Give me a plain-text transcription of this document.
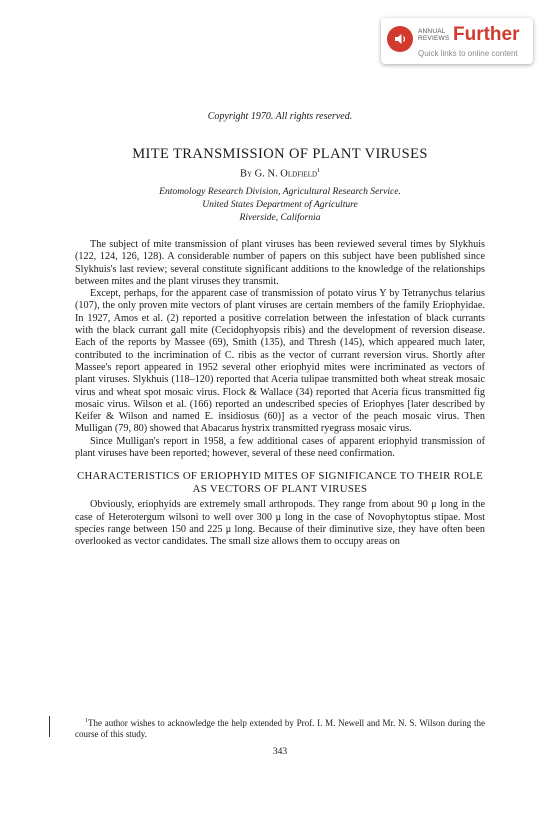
ANNUAL
REVIEWS Further
Quick links to online content
Copyright 1970. All rights reserved.
MITE TRANSMISSION OF PLANT VIRUSES
By G. N. Oldfield$^1$
Entomology Research Division, Agricultural Research Service.
United States Department of Agriculture
Riverside, California

The subject of mite transmission of plant viruses has been reviewed several times by Slykhuis (122, 124, 126, 128). A considerable number of papers on this subject have been published since Slykhuis's last review; several constitute significant additions to the knowledge of the relationships between mites and the plant viruses they transmit.

Except, perhaps, for the apparent case of transmission of potato virus Y by Tetranychus telarius (107), the only proven mite vectors of plant viruses are certain members of the family Eriophyidae. In 1927, Amos et al. (2) reported a positive correlation between the infestation of black currants with the black currant gall mite (Cecidophyopsis ribis) and the development of reversion disease. Each of the reports by Massee (69), Smith (135), and Thresh (145), which appeared much later, contributed to the incrimination of C. ribis as the vector of currant reversion virus. Shortly after Massee's report appeared in 1952 several other eriophyid mites were incriminated as vectors of plant viruses. Slykhuis (118–120) reported that Aceria tulipae transmitted both wheat streak mosaic virus and wheat spot mosaic virus. Flock & Wallace (34) reported that Aceria ficus transmitted fig mosaic virus. Wilson et al. (166) reported an undescribed species of Eriophyes [later described by Keifer & Wilson and named E. insidiosus (60)] as a vector of the peach mosaic virus. Then Mulligan (79, 80) showed that Abacarus hystrix transmitted ryegrass mosaic virus.

Since Mulligan's report in 1958, a few additional cases of apparent eriophyid transmission of plant viruses have been reported; however, several of these need confirmation.

CHARACTERISTICS OF ERIOPHYID MITES OF SIGNIFICANCE TO THEIR ROLE AS VECTORS OF PLANT VIRUSES

Obviously, eriophyids are extremely small arthropods. They range from about 90 μ long in the case of Heterotergum wilsoni to well over 300 μ long in the case of Novophytoptus stipae. Most species range between 150 and 225 μ long. Because of their diminutive size, they have often been overlooked as vector candidates. The small size allows them to occupy areas on

$^1$The author wishes to acknowledge the help extended by Prof. I. M. Newell and Mr. N. S. Wilson during the course of this study.
343
